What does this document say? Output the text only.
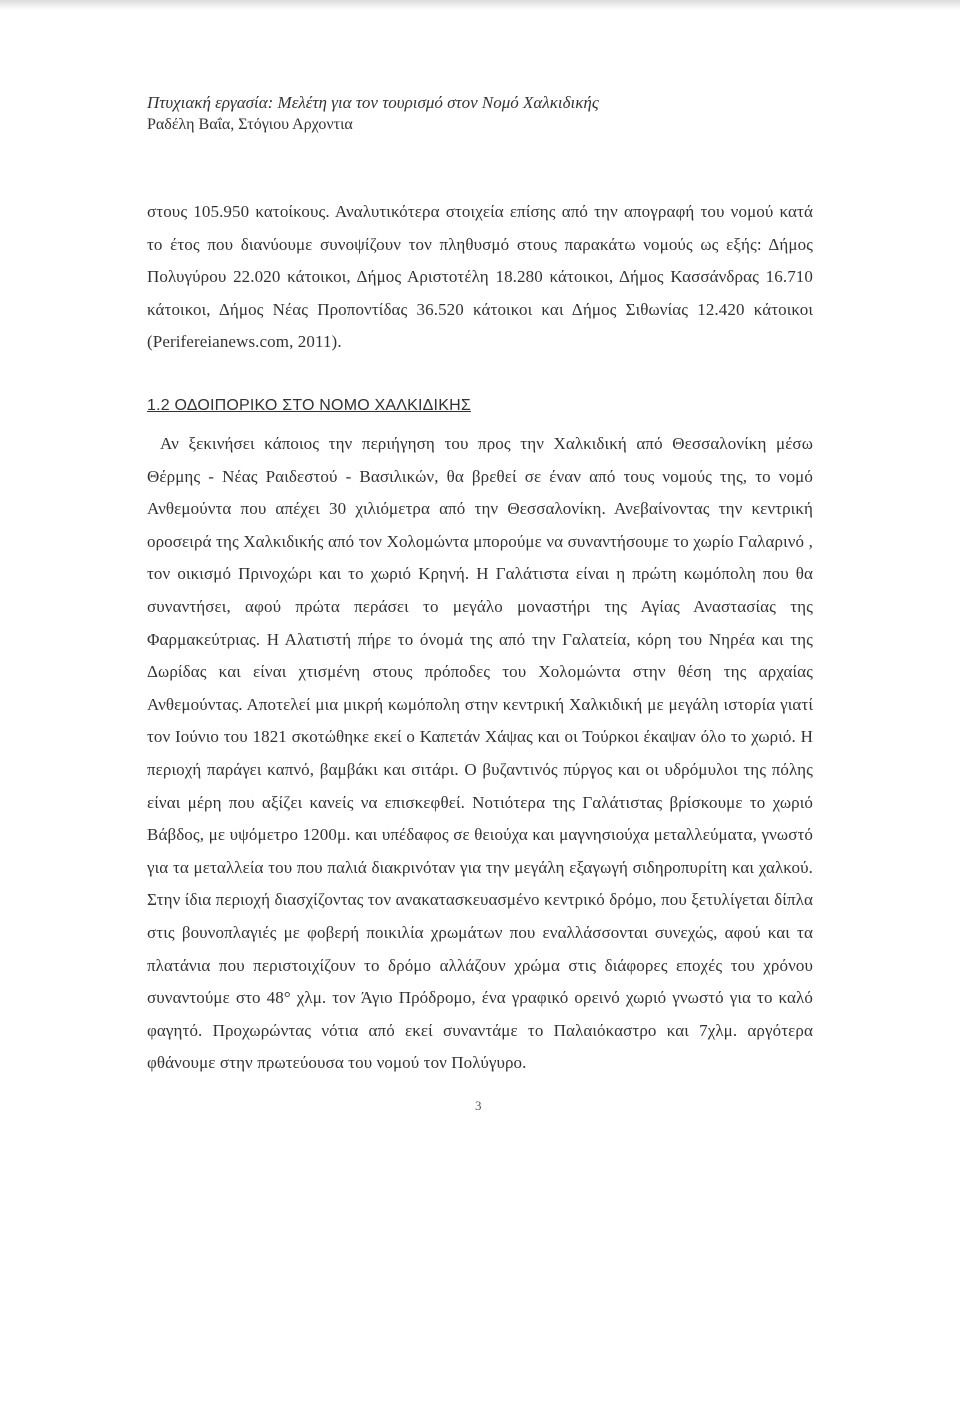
Πτυχιακή εργασία: Μελέτη για τον τουρισμό στον Νομό Χαλκιδικής
Ραδέλη Βαΐα, Στόγιου Αρχοντια

στους 105.950 κατοίκους. Αναλυτικότερα στοιχεία επίσης από την απογραφή του νομού κατά το έτος που διανύουμε συνοψίζουν τον πληθυσμό στους παρακάτω νομούς ως εξής: Δήμος Πολυγύρου 22.020 κάτοικοι, Δήμος Αριστοτέλη 18.280 κάτοικοι, Δήμος Κασσάνδρας 16.710 κάτοικοι, Δήμος Νέας Προποντίδας 36.520 κάτοικοι και Δήμος Σιθωνίας 12.420 κάτοικοι (Perifereianews.com, 2011).

1.2 ΟΔΟΙΠΟΡΙΚΟ ΣΤΟ ΝΟΜΟ ΧΑΛΚΙΔΙΚΗΣ

Αν ξεκινήσει κάποιος την περιήγηση του προς την Χαλκιδική από Θεσσαλονίκη μέσω Θέρμης - Νέας Ραιδεστού - Βασιλικών, θα βρεθεί σε έναν από τους νομούς της, το νομό Ανθεμούντα που απέχει 30 χιλιόμετρα από την Θεσσαλονίκη. Ανεβαίνοντας την κεντρική οροσειρά της Χαλκιδικής από τον Χολομώντα μπορούμε να συναντήσουμε το χωρίο Γαλαρινό , τον οικισμό Πρινοχώρι και το χωριό Κρηνή. Η Γαλάτιστα είναι η πρώτη κωμόπολη που θα συναντήσει, αφού πρώτα περάσει το μεγάλο μοναστήρι της Αγίας Αναστασίας της Φαρμακεύτριας. Η Αλατιστή πήρε το όνομά της από την Γαλατεία, κόρη του Νηρέα και της Δωρίδας και είναι χτισμένη στους πρόποδες του Χολομώντα στην θέση της αρχαίας Ανθεμούντας. Αποτελεί μια μικρή κωμόπολη στην κεντρική Χαλκιδική με μεγάλη ιστορία γιατί τον Ιούνιο του 1821 σκοτώθηκε εκεί ο Καπετάν Χάψας και οι Τούρκοι έκαψαν όλο το χωριό. Η περιοχή παράγει καπνό, βαμβάκι και σιτάρι. Ο βυζαντινός πύργος και οι υδρόμυλοι της πόλης είναι μέρη που αξίζει κανείς να επισκεφθεί. Νοτιότερα της Γαλάτιστας βρίσκουμε το χωριό Βάβδος, με υψόμετρο 1200μ. και υπέδαφος σε θειούχα και μαγνησιούχα μεταλλεύματα, γνωστό για τα μεταλλεία του που παλιά διακρινόταν για την μεγάλη εξαγωγή σιδηροπυρίτη και χαλκού. Στην ίδια περιοχή διασχίζοντας τον ανακατασκευασμένο κεντρικό δρόμο, που ξετυλίγεται δίπλα στις βουνοπλαγιές με φοβερή ποικιλία χρωμάτων που εναλλάσσονται συνεχώς, αφού και τα πλατάνια που περιστοιχίζουν το δρόμο αλλάζουν χρώμα στις διάφορες εποχές του χρόνου συναντούμε στο 48° χλμ. τον Άγιο Πρόδρομο, ένα γραφικό ορεινό χωριό γνωστό για το καλό φαγητό. Προχωρώντας νότια από εκεί συναντάμε το Παλαιόκαστρο και 7χλμ. αργότερα φθάνουμε στην πρωτεύουσα του νομού τον Πολύγυρο.

3
